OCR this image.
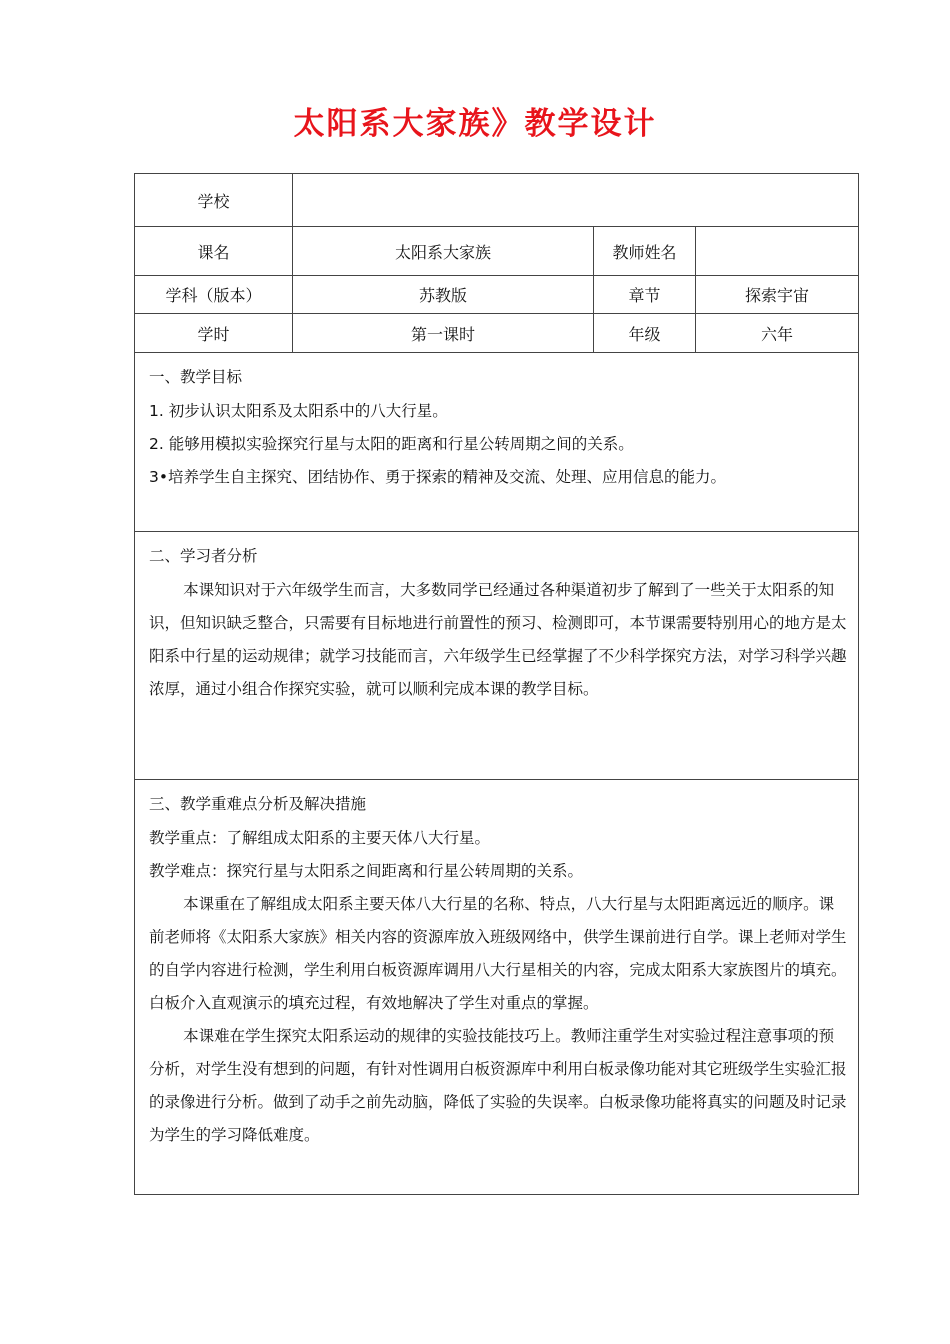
太阳系大家族》教学设计
学校			
课名	太阳系大家族	教师姓名	
学科（版本）	苏教版	章节	探索宇宙
学时	第一课时	年级	六年

一、教学目标

1. 初步认识太阳系及太阳系中的八大行星。

2. 能够用模拟实验探究行星与太阳的距离和行星公转周期之间的关系。

3•培养学生自主探究、团结协作、勇于探索的精神及交流、处理、应用信息的能力。			

二、学习者分析

本课知识对于六年级学生而言，大多数同学已经通过各种渠道初步了解到了一些关于太阳系的知识，但知识缺乏整合，只需要有目标地进行前置性的预习、检测即可，本节课需要特别用心的地方是太阳系中行星的运动规律；就学习技能而言，六年级学生已经掌握了不少科学探究方法，对学习科学兴趣浓厚，通过小组合作探究实验，就可以顺利完成本课的教学目标。			

三、教学重难点分析及解决措施

教学重点：了解组成太阳系的主要天体八大行星。

教学难点：探究行星与太阳系之间距离和行星公转周期的关系。

本课重在了解组成太阳系主要天体八大行星的名称、特点，八大行星与太阳距离远近的顺序。课前老师将《太阳系大家族》相关内容的资源库放入班级网络中，供学生课前进行自学。课上老师对学生的自学内容进行检测，学生利用白板资源库调用八大行星相关的内容，完成太阳系大家族图片的填充。白板介入直观演示的填充过程，有效地解决了学生对重点的掌握。

本课难在学生探究太阳系运动的规律的实验技能技巧上。教师注重学生对实验过程注意事项的预分析，对学生没有想到的问题，有针对性调用白板资源库中利用白板录像功能对其它班级学生实验汇报的录像进行分析。做到了动手之前先动脑，降低了实验的失误率。白板录像功能将真实的问题及时记录为学生的学习降低难度。			
